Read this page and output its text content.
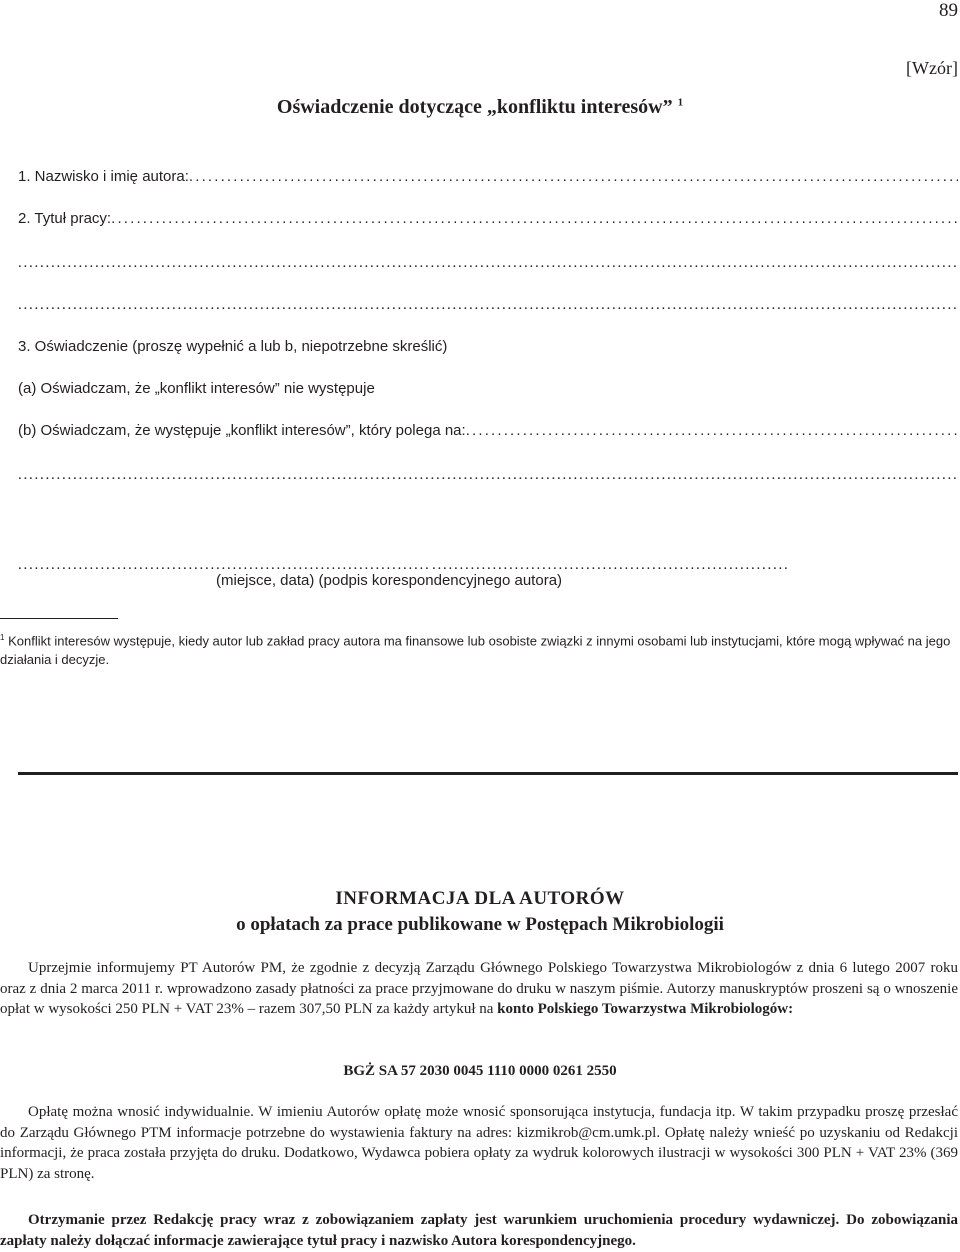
89
[Wzór]
Oświadczenie dotyczące „konfliktu interesów” $^1$
1. Nazwisko i imię autora:
. . .
2. Tytuł pracy:
. . .
. . .
. . .
3. Oświadczenie (proszę wypełnić a lub b, niepotrzebne skreślić)
(a) Oświadczam, że „konflikt interesów” nie występuje
(b) Oświadczam, że występuje „konflikt interesów”, który polega na:
. . .
. . .
. . .
. . .
(miejsce, data) (podpis korespondencyjnego autora)
$^1$ Konflikt interesów występuje, kiedy autor lub zakład pracy autora ma finansowe lub osobiste związki z innymi osobami lub instytucjami, które mogą wpływać na jego działania i decyzje.
INFORMACJA DLA AUTORÓW
o opłatach za prace publikowane w Postępach Mikrobiologii
Uprzejmie informujemy PT Autorów PM, że zgodnie z decyzją Zarządu Głównego Polskiego Towarzystwa Mikrobiologów z dnia 6 lutego 2007 roku oraz z dnia 2 marca 2011 r. wprowadzono zasady płatności za prace przyjmowane do druku w naszym piśmie. Autorzy manuskryptów proszeni są o wnoszenie opłat w wysokości 250 PLN + VAT 23% – razem 307,50 PLN za każdy artykuł na konto Polskiego Towarzystwa Mikrobiologów:
BGŻ SA 57 2030 0045 1110 0000 0261 2550
Opłatę można wnosić indywidualnie. W imieniu Autorów opłatę może wnosić sponsorująca instytucja, fundacja itp. W takim przypadku proszę przesłać do Zarządu Głównego PTM informacje potrzebne do wystawienia faktury na adres: kizmikrob@cm.umk.pl. Opłatę należy wnieść po uzyskaniu od Redakcji informacji, że praca została przyjęta do druku. Dodatkowo, Wydawca pobiera opłaty za wydruk kolorowych ilustracji w wysokości 300 PLN + VAT 23% (369 PLN) za stronę.
Otrzymanie przez Redakcję pracy wraz z zobowiązaniem zapłaty jest warunkiem uruchomienia procedury wydawniczej. Do zobowiązania zapłaty należy dołączać informacje zawierające tytuł pracy i nazwisko Autora korespondencyjnego.
